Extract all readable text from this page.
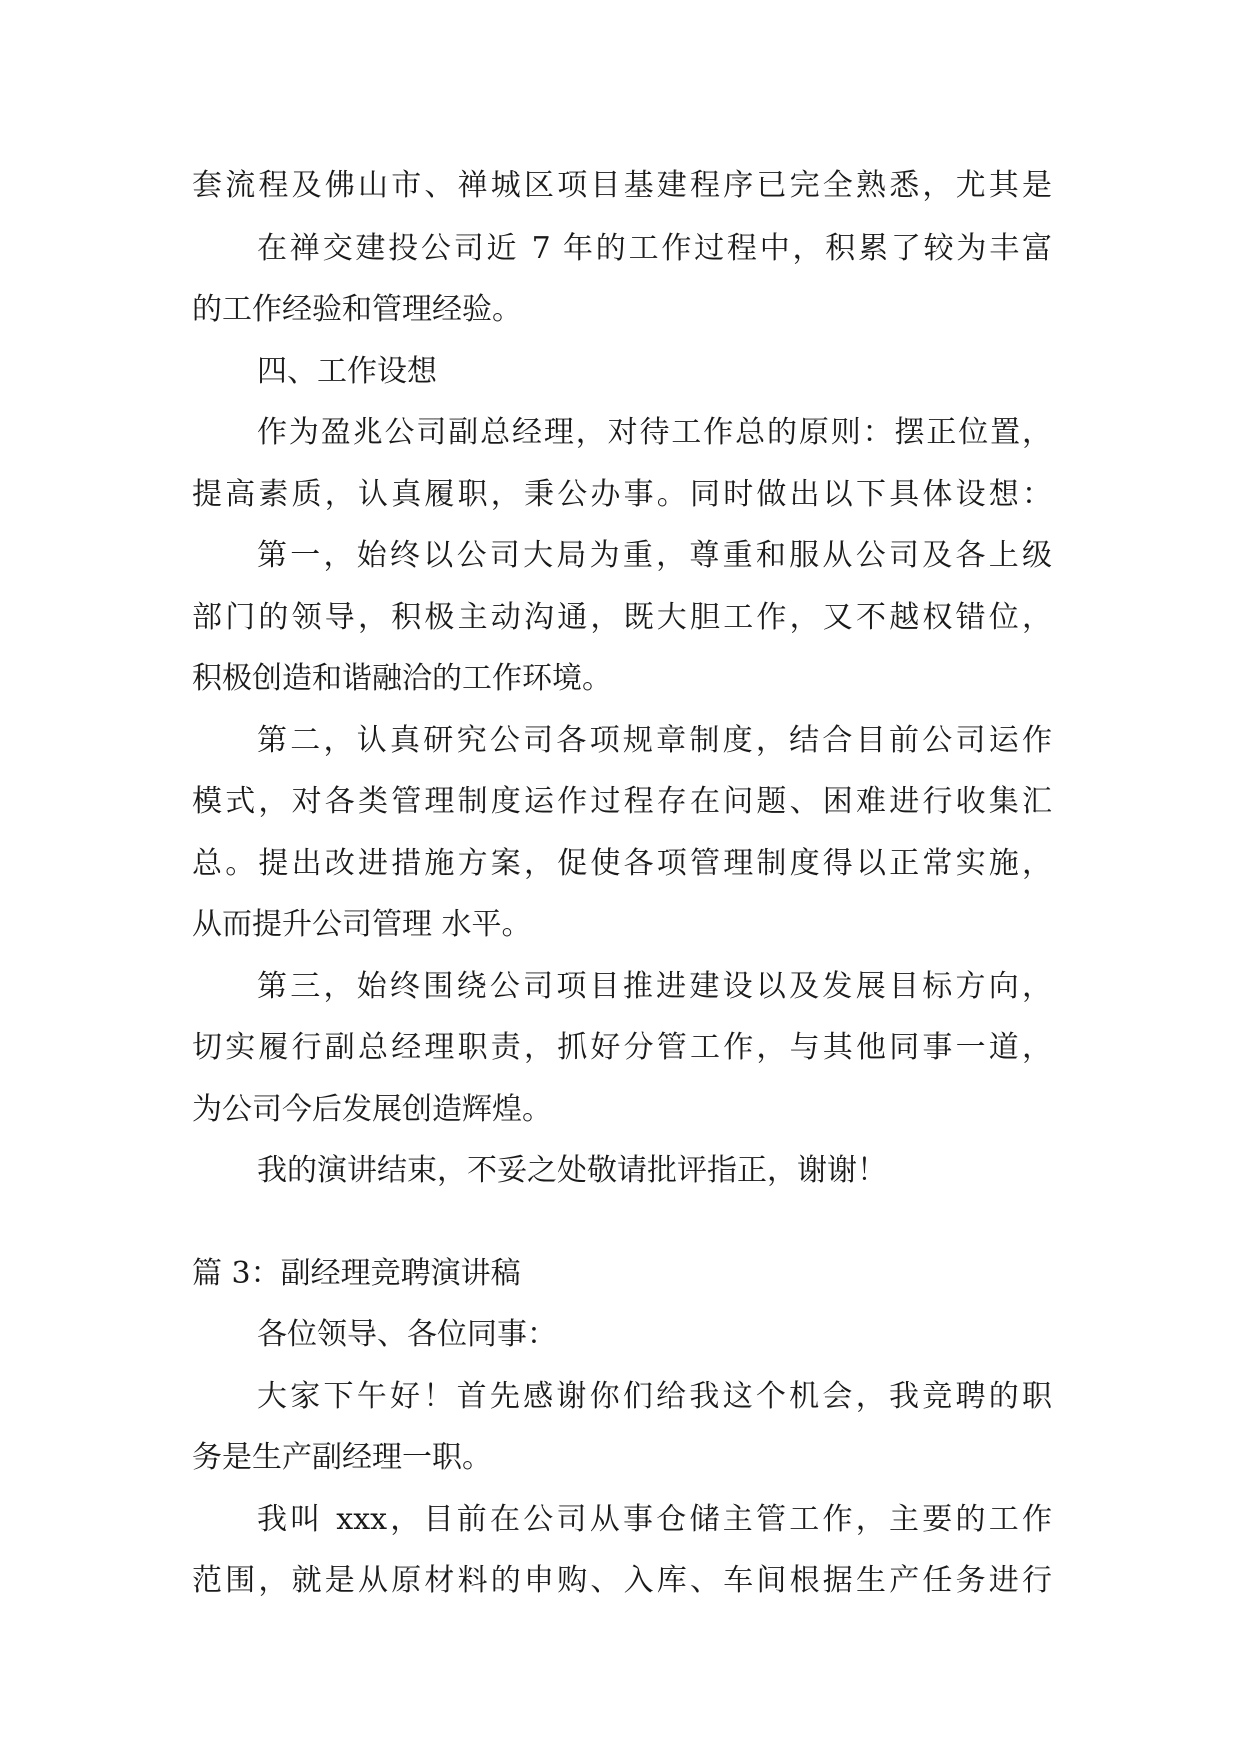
套流程及佛山市、禅城区项目基建程序已完全熟悉，尤其是
在禅交建投公司近 7 年的工作过程中，积累了较为丰富
的工作经验和管理经验。
四、工作设想
作为盈兆公司副总经理，对待工作总的原则：摆正位置，
提高素质，认真履职，秉公办事。同时做出以下具体设想：
第一，始终以公司大局为重，尊重和服从公司及各上级
部门的领导，积极主动沟通，既大胆工作，又不越权错位，
积极创造和谐融洽的工作环境。
第二，认真研究公司各项规章制度，结合目前公司运作
模式，对各类管理制度运作过程存在问题、困难进行收集汇
总。提出改进措施方案，促使各项管理制度得以正常实施，
从而提升公司管理 水平。
第三，始终围绕公司项目推进建设以及发展目标方向，
切实履行副总经理职责，抓好分管工作，与其他同事一道，
为公司今后发展创造辉煌。
我的演讲结束，不妥之处敬请批评指正，谢谢！
篇 3：副经理竞聘演讲稿
各位领导、各位同事：
大家下午好！首先感谢你们给我这个机会，我竞聘的职
务是生产副经理一职。
我叫 xxx，目前在公司从事仓储主管工作，主要的工作
范围，就是从原材料的申购、入库、车间根据生产任务进行
